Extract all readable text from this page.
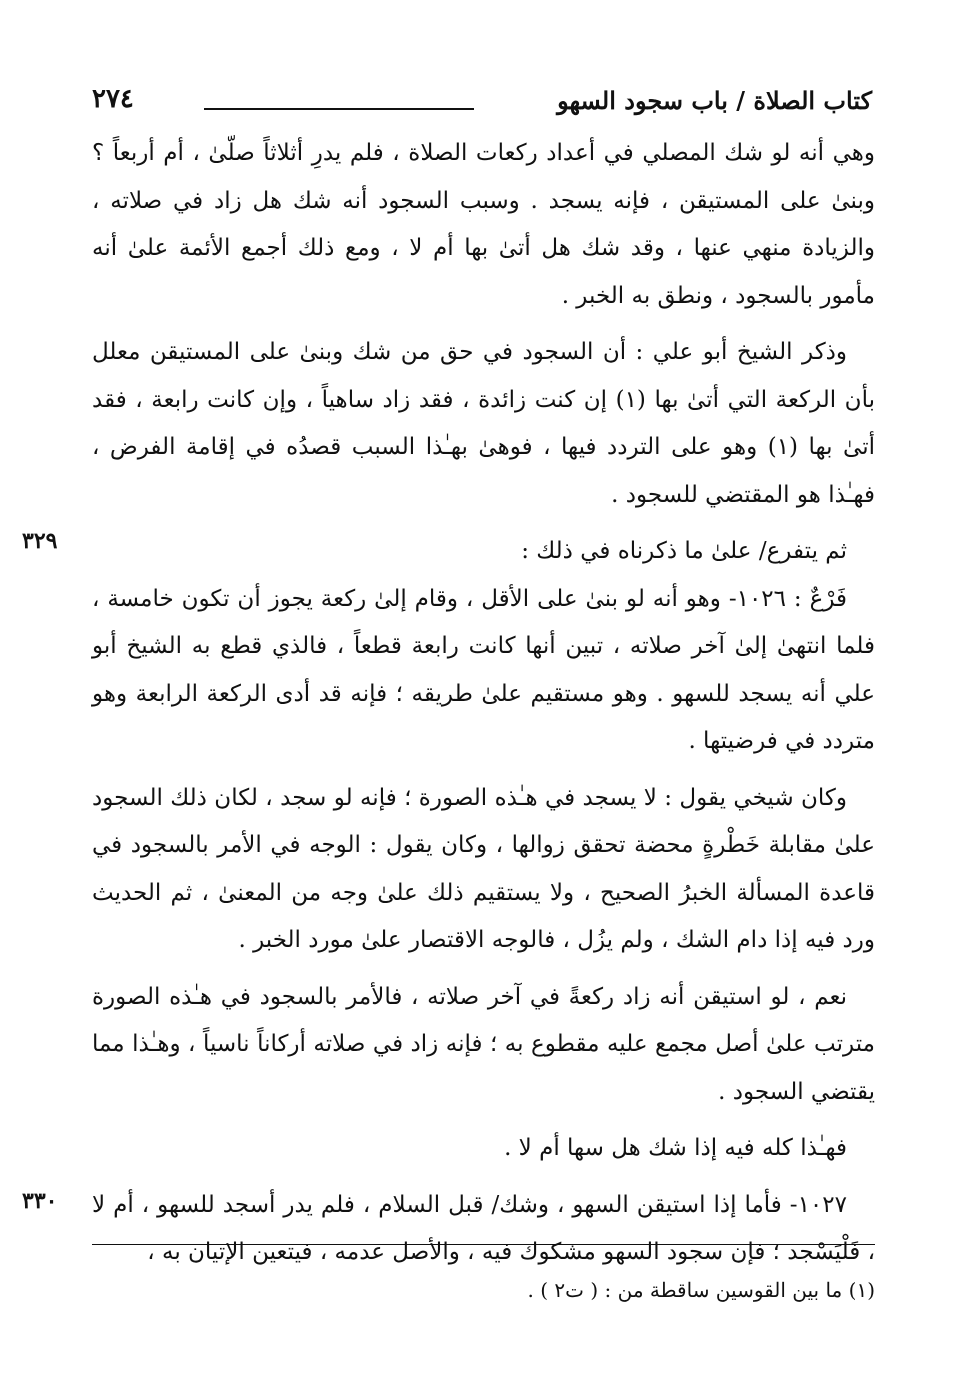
كتاب الصلاة / باب سجود السهو
٢٧٤

وهي أنه لو شك المصلي في أعداد ركعات الصلاة ، فلم يدرِ أثلاثاً صلّىٰ ، أم أربعاً ؟ وبنىٰ على المستيقن ، فإنه يسجد . وسبب السجود أنه شك هل زاد في صلاته ، والزيادة منهي عنها ، وقد شك هل أتىٰ بها أم لا ، ومع ذلك أجمع الأئمة علىٰ أنه مأمور بالسجود ، ونطق به الخبر .

وذكر الشيخ أبو علي : أن السجود في حق من شك وبنىٰ على المستيقن معلل بأن الركعة التي أتىٰ بها (١) إن كنت زائدة ، فقد زاد ساهياً ، وإن كانت رابعة ، فقد أتىٰ بها (١) وهو على التردد فيها ، فوهىٰ بهـٰذا السبب قصدُه في إقامة الفرض ، فهـٰذا هو المقتضي للسجود .

٣٢٩	ثم يتفرع/ علىٰ ما ذكرناه في ذلك :

فَرْعٌ : ١٠٢٦- وهو أنه لو بنىٰ على الأقل ، وقام إلىٰ ركعة يجوز أن تكون خامسة ، فلما انتهىٰ إلىٰ آخر صلاته ، تبين أنها كانت رابعة قطعاً ، فالذي قطع به الشيخ أبو علي أنه يسجد للسهو . وهو مستقيم علىٰ طريقه ؛ فإنه قد أدى الركعة الرابعة وهو متردد في فرضيتها .

وكان شيخي يقول : لا يسجد في هـٰذه الصورة ؛ فإنه لو سجد ، لكان ذلك السجود علىٰ مقابلة خَطْرةٍ محضة تحقق زوالها ، وكان يقول : الوجه في الأمر بالسجود في قاعدة المسألة الخبرُ الصحيح ، ولا يستقيم ذلك علىٰ وجه من المعنىٰ ، ثم الحديث ورد فيه إذا دام الشك ، ولم يزُل ، فالوجه الاقتصار علىٰ مورد الخبر .

نعم ، لو استيقن أنه زاد ركعةً في آخر صلاته ، فالأمر بالسجود في هـٰذه الصورة مترتب علىٰ أصل مجمع عليه مقطوع به ؛ فإنه زاد في صلاته أركاناً ناسياً ، وهـٰذا مما يقتضي السجود .

فهـٰذا كله فيه إذا شك هل سها أم لا .

٣٣٠ ١٠٢٧- فأما إذا استيقن السهو ، وشك/ قبل السلام ، فلم يدر أسجد للسهو ، أم لا ، فَلْيَسْجد ؛ فإن سجود السهو مشكوك فيه ، والأصل عدمه ، فيتعين الإتيان به ،

(١) ما بين القوسين ساقطة من : ( ت٢ ) .
